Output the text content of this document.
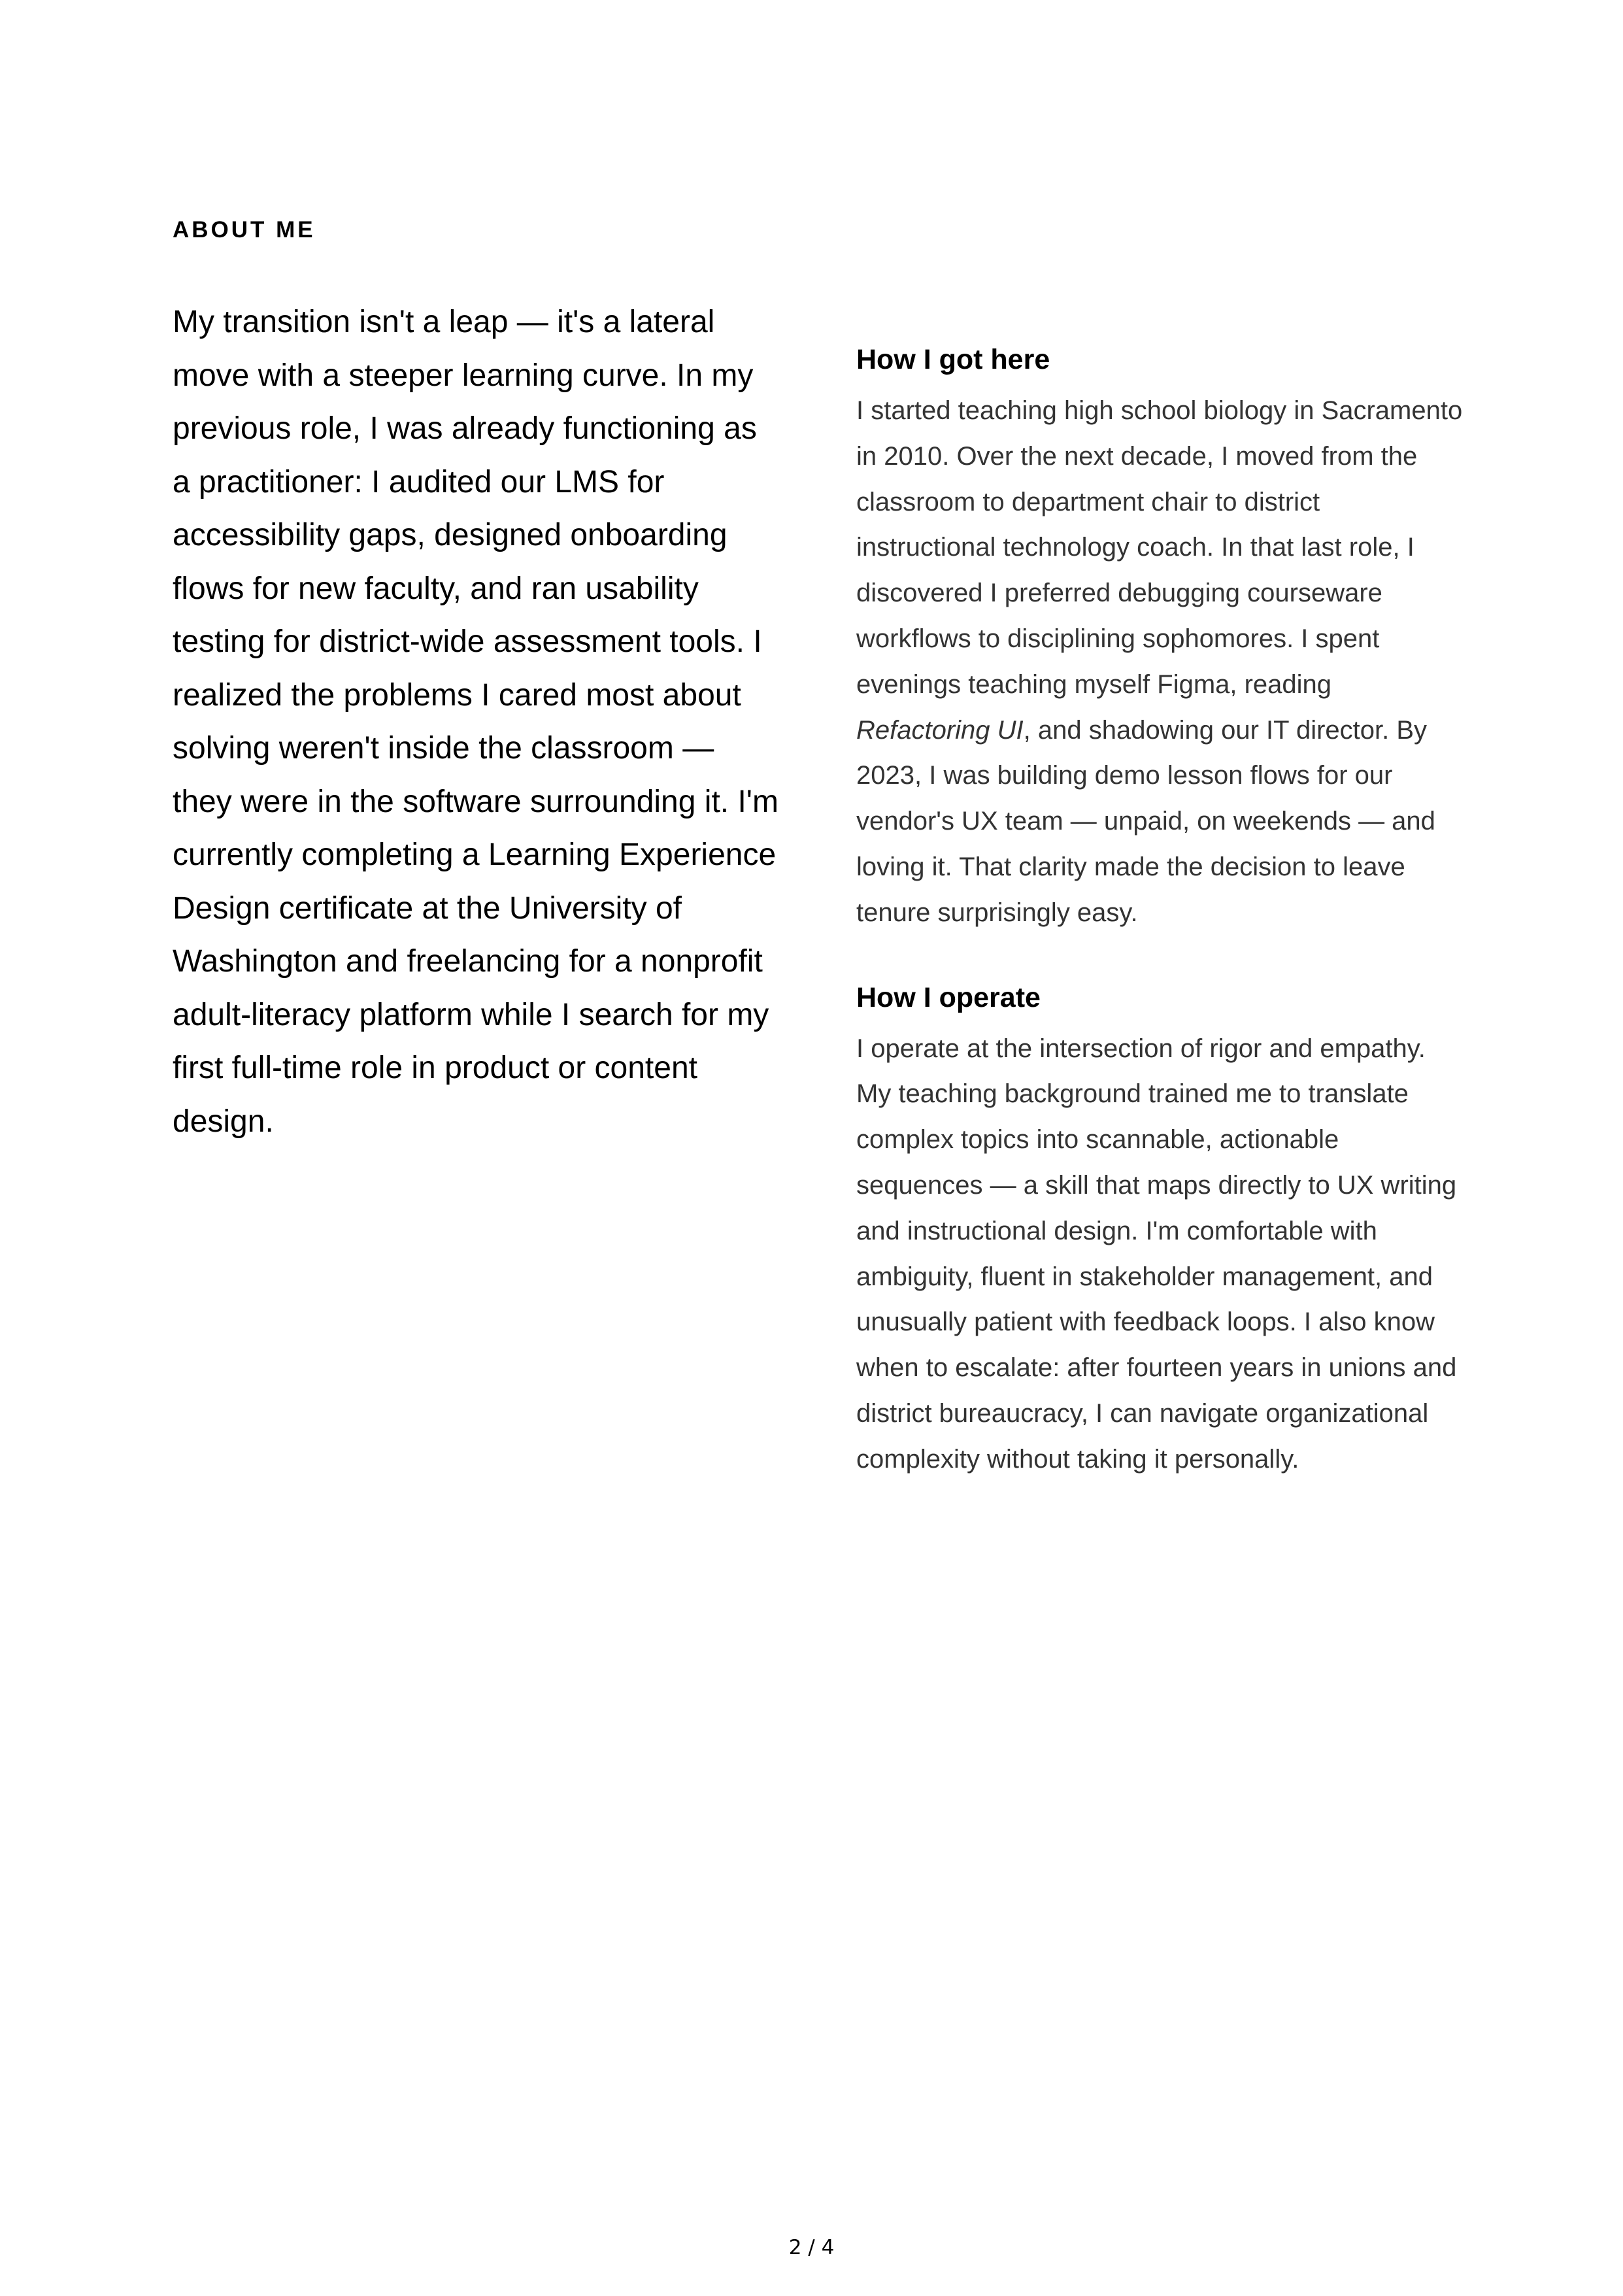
ABOUT ME

My transition isn't a leap — it's a lateral move with a steeper learning curve. In my previous role, I was already functioning as a practitioner: I audited our LMS for accessibility gaps, designed onboarding flows for new faculty, and ran usability testing for district-wide assessment tools. I realized the problems I cared most about solving weren't inside the classroom — they were in the software surrounding it. I'm currently completing a Learning Experience Design certificate at the University of Washington and freelancing for a nonprofit adult-literacy platform while I search for my first full-time role in product or content design.

How I got here

I started teaching high school biology in Sacramento in 2010. Over the next decade, I moved from the classroom to department chair to district instructional technology coach. In that last role, I discovered I preferred debugging courseware workflows to disciplining sophomores. I spent evenings teaching myself Figma, reading Refactoring UI, and shadowing our IT director. By 2023, I was building demo lesson flows for our vendor's UX team — unpaid, on weekends — and loving it. That clarity made the decision to leave tenure surprisingly easy.

How I operate

I operate at the intersection of rigor and empathy. My teaching background trained me to translate complex topics into scannable, actionable sequences — a skill that maps directly to UX writing and instructional design. I'm comfortable with ambiguity, fluent in stakeholder management, and unusually patient with feedback loops. I also know when to escalate: after fourteen years in unions and district bureaucracy, I can navigate organizational complexity without taking it personally.

2 / 4
